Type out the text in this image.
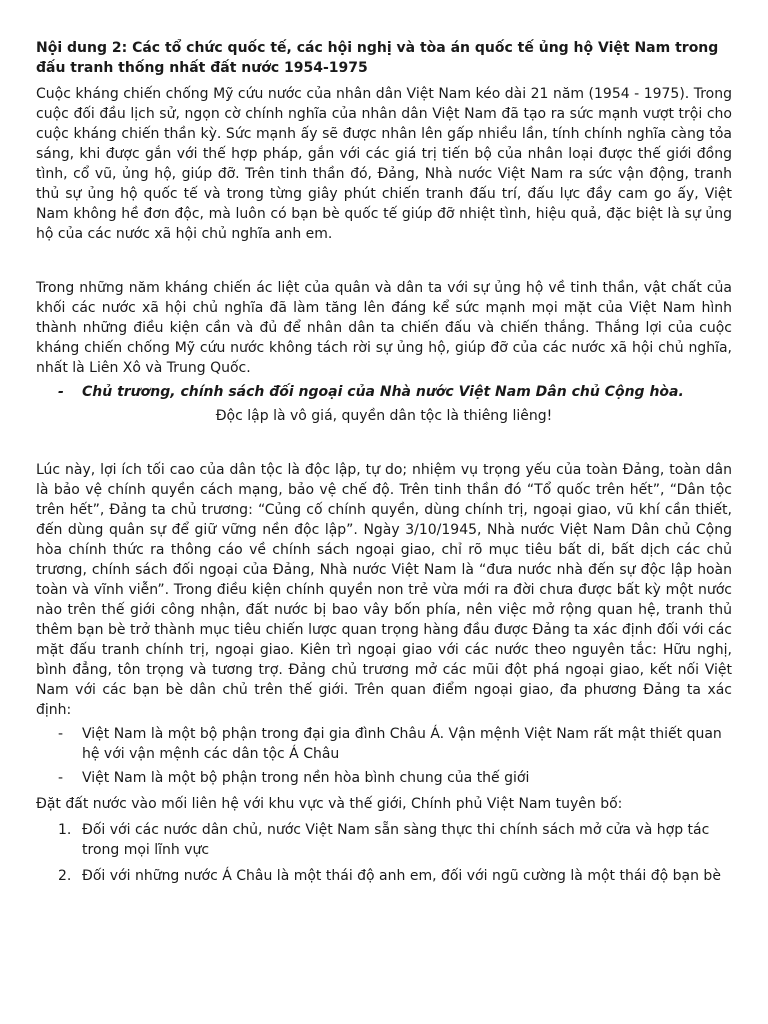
Nội dung 2: Các tổ chức quốc tế, các hội nghị và tòa án quốc tế ủng hộ Việt Nam trong đấu tranh thống nhất đất nước 1954-1975

Cuộc kháng chiến chống Mỹ cứu nước của nhân dân Việt Nam kéo dài 21 năm (1954 - 1975). Trong cuộc đối đầu lịch sử, ngọn cờ chính nghĩa của nhân dân Việt Nam đã tạo ra sức mạnh vượt trội cho cuộc kháng chiến thần kỳ. Sức mạnh ấy sẽ được nhân lên gấp nhiều lần, tính chính nghĩa càng tỏa sáng, khi được gắn với thế hợp pháp, gắn với các giá trị tiến bộ của nhân loại được thế giới đồng tình, cổ vũ, ủng hộ, giúp đỡ. Trên tinh thần đó, Đảng, Nhà nước Việt Nam ra sức vận động, tranh thủ sự ủng hộ quốc tế và trong từng giây phút chiến tranh đấu trí, đấu lực đầy cam go ấy, Việt Nam không hề đơn độc, mà luôn có bạn bè quốc tế giúp đỡ nhiệt tình, hiệu quả, đặc biệt là sự ủng hộ của các nước xã hội chủ nghĩa anh em.

Trong những năm kháng chiến ác liệt của quân và dân ta với sự ủng hộ về tinh thần, vật chất của khối các nước xã hội chủ nghĩa đã làm tăng lên đáng kể sức mạnh mọi mặt của Việt Nam hình thành những điều kiện cần và đủ để nhân dân ta chiến đấu và chiến thắng. Thắng lợi của cuộc kháng chiến chống Mỹ cứu nước không tách rời sự ủng hộ, giúp đỡ của các nước xã hội chủ nghĩa, nhất là Liên Xô và Trung Quốc.

-	Chủ trương, chính sách đối ngoại của Nhà nước Việt Nam Dân chủ Cộng hòa.

Độc lập là vô giá, quyền dân tộc là thiêng liêng!

Lúc này, lợi ích tối cao của dân tộc là độc lập, tự do; nhiệm vụ trọng yếu của toàn Đảng, toàn dân là bảo vệ chính quyền cách mạng, bảo vệ chế độ. Trên tinh thần đó “Tổ quốc trên hết”, “Dân tộc trên hết”, Đảng ta chủ trương: “Củng cố chính quyền, dùng chính trị, ngoại giao, vũ khí cần thiết, đến dùng quân sự để giữ vững nền độc lập”. Ngày 3/10/1945, Nhà nước Việt Nam Dân chủ Cộng hòa chính thức ra thông cáo về chính sách ngoại giao, chỉ rõ mục tiêu bất di, bất dịch các chủ trương, chính sách đối ngoại của Đảng, Nhà nước Việt Nam là “đưa nước nhà đến sự độc lập hoàn toàn và vĩnh viễn”. Trong điều kiện chính quyền non trẻ vừa mới ra đời chưa được bất kỳ một nước nào trên thế giới công nhận, đất nước bị bao vây bốn phía, nên việc mở rộng quan hệ, tranh thủ thêm bạn bè trở thành mục tiêu chiến lược quan trọng hàng đầu được Đảng ta xác định đối với các mặt đấu tranh chính trị, ngoại giao. Kiên trì ngoại giao với các nước theo nguyên tắc: Hữu nghị, bình đẳng, tôn trọng và tương trợ. Đảng chủ trương mở các mũi đột phá ngoại giao, kết nối Việt Nam với các bạn bè dân chủ trên thế giới. Trên quan điểm ngoại giao, đa phương Đảng ta xác định:

-	Việt Nam là một bộ phận trong đại gia đình Châu Á. Vận mệnh Việt Nam rất mật thiết quan hệ với vận mệnh các dân tộc Á Châu
-	Việt Nam là một bộ phận trong nền hòa bình chung của thế giới

Đặt đất nước vào mối liên hệ với khu vực và thế giới, Chính phủ Việt Nam tuyên bố:

1. Đối với các nước dân chủ, nước Việt Nam sẵn sàng thực thi chính sách mở cửa và hợp tác trong mọi lĩnh vực
2. Đối với những nước Á Châu là một thái độ anh em, đối với ngũ cường là một thái độ bạn bè
